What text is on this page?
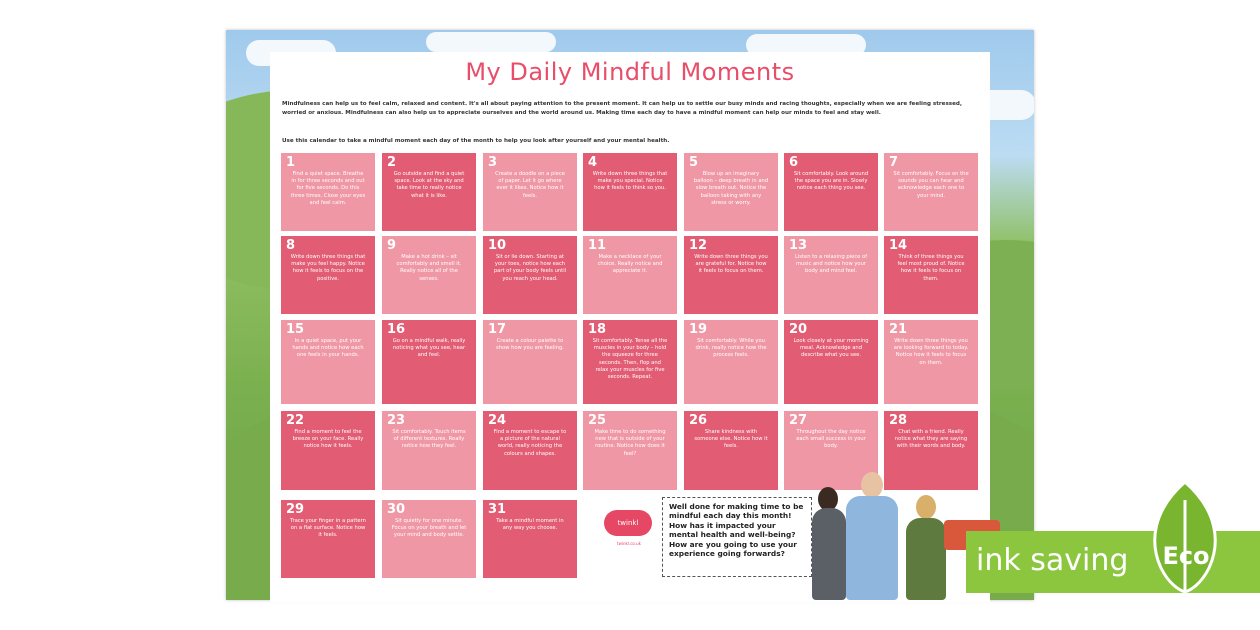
My Daily Mindful Moments
Mindfulness can help us to feel calm, relaxed and content. It's all about paying attention to the present moment. It can help us to settle our busy minds and racing thoughts, especially when we are feeling stressed, worried or anxious. Mindfulness can also help us to appreciate ourselves and the world around us. Making time each day to have a mindful moment can help our minds to feel and stay well.
Use this calendar to take a mindful moment each day of the month to help you look after yourself and your mental health.
1
Find a quiet space. Breathe in for three seconds and out for five seconds. Do this three times. Close your eyes and feel calm.
2
Go outside and find a quiet space. Look at the sky and take time to really notice what it is like.
3
Create a doodle on a piece of paper. Let it go where ever it likes. Notice how it feels.
4
Write down three things that make you special. Notice how it feels to think so you.
5
Blow up an imaginary balloon – deep breath in and slow breath out. Notice the balloon taking with any stress or worry.
6
Sit comfortably. Look around the space you are in. Slowly notice each thing you see.
7
Sit comfortably. Focus on the sounds you can hear and acknowledge each one to your mind.
8
Write down three things that make you feel happy. Notice how it feels to focus on the positive.
9
Make a hot drink – sit comfortably and smell it. Really notice all of the senses.
10
Sit or lie down. Starting at your toes, notice how each part of your body feels until you reach your head.
11
Make a necklace of your choice. Really notice and appreciate it.
12
Write down three things you are grateful for. Notice how it feels to focus on them.
13
Listen to a relaxing piece of music and notice how your body and mind feel.
14
Think of three things you feel most proud of. Notice how it feels to focus on them.
15
In a quiet space, put your hands and notice how each one feels in your hands.
16
Go on a mindful walk, really noticing what you see, hear and feel.
17
Create a colour palette to show how you are feeling.
18
Sit comfortably. Tense all the muscles in your body – hold the squeeze for three seconds. Then, flop and relax your muscles for five seconds. Repeat.
19
Sit comfortably. While you drink, really notice how the process feels.
20
Look closely at your morning meal. Acknowledge and describe what you see.
21
Write down three things you are looking forward to today. Notice how it feels to focus on them.
22
Find a moment to feel the breeze on your face. Really notice how it feels.
23
Sit comfortably. Touch items of different textures. Really notice how they feel.
24
Find a moment to escape to a picture of the natural world, really noticing the colours and shapes.
25
Make time to do something new that is outside of your routine. Notice how does it feel?
26
Share kindness with someone else. Notice how it feels.
27
Throughout the day notice each small success in your body.
28
Chat with a friend. Really notice what they are saying with their words and body.
29
Trace your finger in a pattern on a flat surface. Notice how it feels.
30
Sit quietly for one minute. Focus on your breath and let your mind and body settle.
31
Take a mindful moment in any way you choose.
twinkl
twinkl.co.uk
Well done for making time to be mindful each day this month! How has it impacted your mental health and well-being? How are you going to use your experience going forwards?	ink saving Eco
